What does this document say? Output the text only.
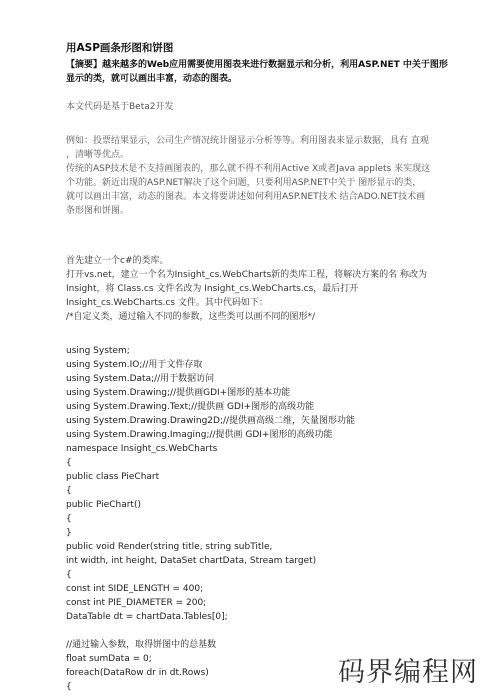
用ASP画条形图和饼图
【摘要】越来越多的Web应用需要使用图表来进行数据显示和分析，利用ASP.NET 中关于图形
显示的类，就可以画出丰富，动态的图表。
本文代码是基于Beta2开发
例如：投票结果显示，公司生产情况统计图显示分析等等。利用图表来显示数据，具有 直观
，清晰等优点。
传统的ASP技术是不支持画图表的，那么就不得不利用Active X或者Java applets 来实现这
个功能。新近出现的ASP.NET解决了这个问题，只要利用ASP.NET中关于 图形显示的类，
就可以画出丰富，动态的图表。本文将要讲述如何利用ASP.NET技术 结合ADO.NET技术画
条形图和饼图。
首先建立一个c#的类库。
打开vs.net，建立一个名为Insight_cs.WebCharts新的类库工程，将解决方案的名 称改为
Insight，将 Class.cs 文件名改为 Insight_cs.WebCharts.cs，最后打开
Insight_cs.WebCharts.cs 文件。其中代码如下：
/*自定义类，通过输入不同的参数，这些类可以画不同的图形*/
using System;
using System.IO;//用于文件存取
using System.Data;//用于数据访问
using System.Drawing;//提供画GDI+图形的基本功能
using System.Drawing.Text;//提供画 GDI+图形的高级功能
using System.Drawing.Drawing2D;//提供画高级二维，矢量图形功能
using System.Drawing.Imaging;//提供画 GDI+图形的高级功能
namespace Insight_cs.WebCharts
{
public class PieChart
{
public PieChart()
{
}
public void Render(string title, string subTitle,
int width, int height, DataSet chartData, Stream target)
{
const int SIDE_LENGTH = 400;
const int PIE_DIAMETER = 200;
DataTable dt = chartData.Tables[0];
//通过输入参数，取得饼图中的总基数
float sumData = 0;
foreach(DataRow dr in dt.Rows)
{	码界编程网
